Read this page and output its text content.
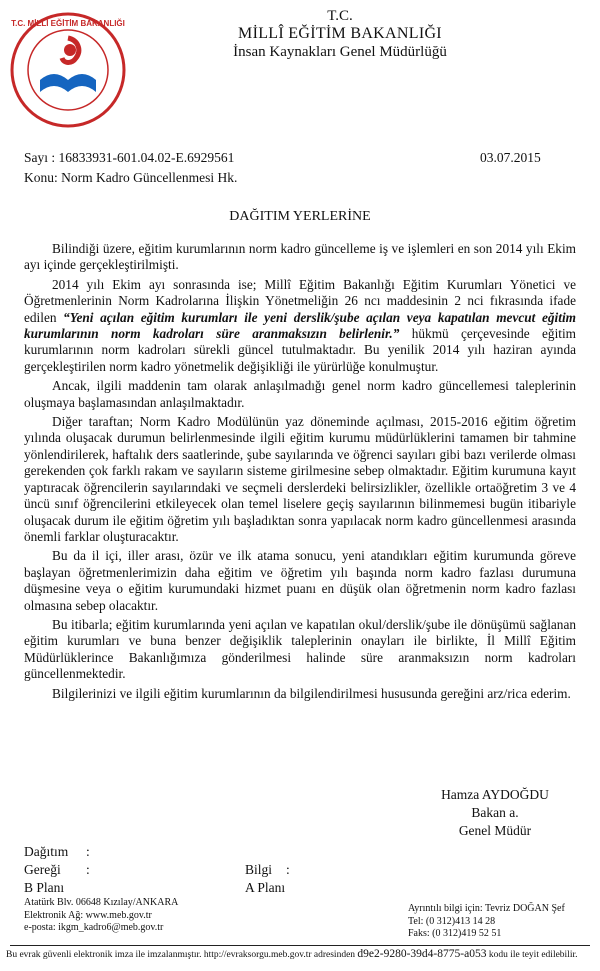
T.C. MİLLİ EĞİTİM BAKANLIĞI	T.C.
MİLLÎ EĞİTİM BAKANLIĞI
İnsan Kaynakları Genel Müdürlüğü
Sayı : 16833931-601.04.02-E.6929561	03.07.2015
Konu: Norm Kadro Güncellenmesi Hk.
DAĞITIM YERLERİNE

Bilindiği üzere, eğitim kurumlarının norm kadro güncelleme iş ve işlemleri en son 2014 yılı Ekim ayı içinde gerçekleştirilmişti.

2014 yılı Ekim ayı sonrasında ise; Millî Eğitim Bakanlığı Eğitim Kurumları Yönetici ve Öğretmenlerinin Norm Kadrolarına İlişkin Yönetmeliğin 26 ncı maddesinin 2 nci fıkrasında ifade edilen “Yeni açılan eğitim kurumları ile yeni derslik/şube açılan veya kapatılan mevcut eğitim kurumlarının norm kadroları süre aranmaksızın belirlenir.” hükmü çerçevesinde eğitim kurumlarının norm kadroları sürekli güncel tutulmaktadır. Bu yenilik 2014 yılı haziran ayında gerçekleştirilen norm kadro yönetmelik değişikliği ile yürürlüğe konulmuştur.

Ancak, ilgili maddenin tam olarak anlaşılmadığı genel norm kadro güncellemesi taleplerinin oluşmaya başlamasından anlaşılmaktadır.

Diğer taraftan; Norm Kadro Modülünün yaz döneminde açılması, 2015-2016 eğitim öğretim yılında oluşacak durumun belirlenmesinde ilgili eğitim kurumu müdürlüklerini tamamen bir tahmine yönlendirilerek, haftalık ders saatlerinde, şube sayılarında ve öğrenci sayıları gibi bazı verilerde olması gerekenden çok farklı rakam ve sayıların sisteme girilmesine sebep olmaktadır. Eğitim kurumuna kayıt yaptıracak öğrencilerin sayılarındaki ve seçmeli derslerdeki belirsizlikler, özellikle ortaöğretim 3 ve 4 üncü sınıf öğrencilerini etkileyecek olan temel liselere geçiş sayılarının bilinmemesi bugün itibariyle oluşacak durum ile eğitim öğretim yılı başladıktan sonra yapılacak norm kadro güncellenmesi arasında önemli farklar oluşturacaktır.

Bu da il içi, iller arası, özür ve ilk atama sonucu, yeni atandıkları eğitim kurumunda göreve başlayan öğretmenlerimizin daha eğitim ve öğretim yılı başında norm kadro fazlası durumuna düşmesine veya o eğitim kurumundaki hizmet puanı en düşük olan öğretmenin norm kadro fazlası olmasına sebep olacaktır.

Bu itibarla; eğitim kurumlarında yeni açılan ve kapatılan okul/derslik/şube ile dönüşümü sağlanan eğitim kurumları ve buna benzer değişiklik taleplerinin onayları ile birlikte, İl Millî Eğitim Müdürlüklerince Bakanlığımıza gönderilmesi halinde süre aranmaksızın norm kadroları güncellenmektedir.

Bilgilerinizi ve ilgili eğitim kurumlarının da bilgilendirilmesi hususunda gereğini arz/rica ederim.

Hamza AYDOĞDU
Bakan a.
Genel Müdür
Dağıtım :
Gereği :
B Planı
Bilgi :
A Planı
Atatürk Blv. 06648 Kızılay/ANKARA
Elektronik Ağ: www.meb.gov.tr
e-posta: ikgm_kadro6@meb.gov.tr
Ayrıntılı bilgi için: Tevriz DOĞAN Şef
Tel: (0 312)413 14 28
Faks: (0 312)419 52 51
Bu evrak güvenli elektronik imza ile imzalanmıştır. http://evraksorgu.meb.gov.tr adresinden d9e2-9280-39d4-8775-a053 kodu ile teyit edilebilir.
